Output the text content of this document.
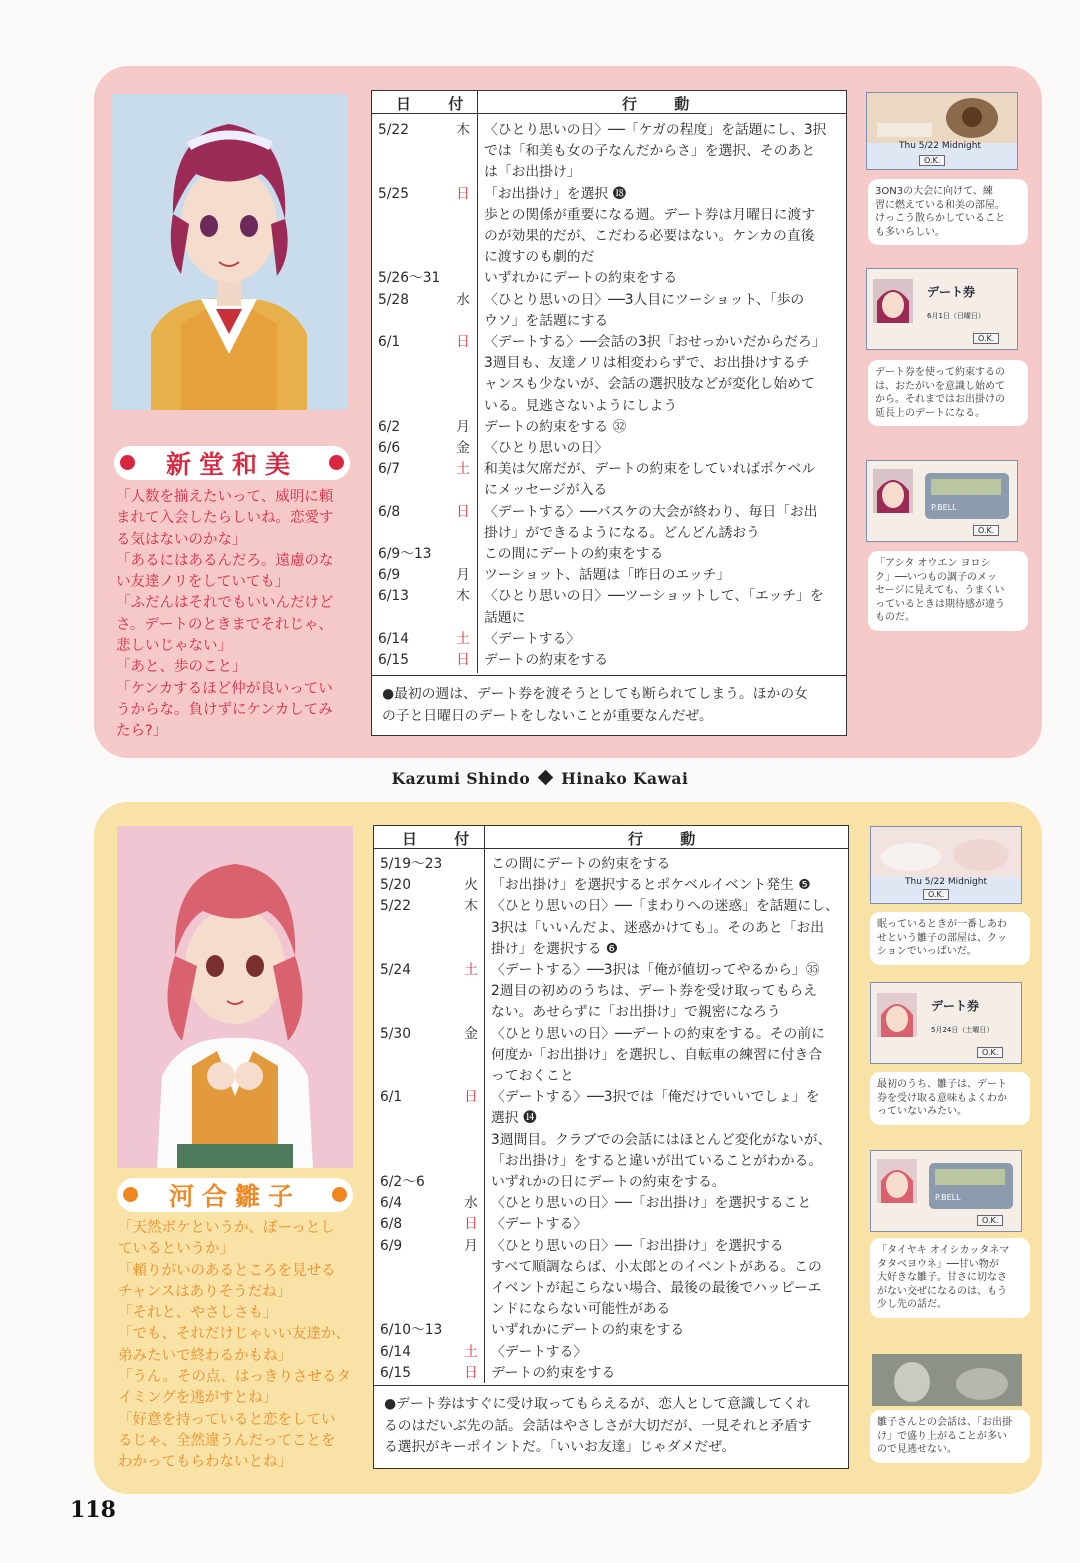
新堂和美
「人数を揃えたいって、威明に頼
まれて入会したらしいね。恋愛す
る気はないのかな」
「あるにはあるんだろ。遠慮のな
い友達ノリをしていても」
「ふだんはそれでもいいんだけど
さ。デートのときまでそれじゃ、
悲しいじゃない」
「あと、歩のこと」
「ケンカするほど仲が良いってい
うからな。負けずにケンカしてみ
たら?」
日 付	行 動
5/22	木 〈ひとり思いの日〉──「ケガの程度」を話題にし、3択
では「和美も女の子なんだからさ」を選択、そのあと
は「お出掛け」
5/25	日 「お出掛け」を選択 ⓲
歩との関係が重要になる週。デート券は月曜日に渡す
のが効果的だが、こだわる必要はない。ケンカの直後
に渡すのも劇的だ
5/26〜31	いずれかにデートの約束をする
5/28	水 〈ひとり思いの日〉──3人目にツーショット、「歩の
ウソ」を話題にする
6/1	日 〈デートする〉──会話の3択「おせっかいだからだろ」
3週目も、友達ノリは相変わらずで、お出掛けするチ
ャンスも少ないが、会話の選択肢などが変化し始めて
いる。見逃さないようにしよう
6/2	月 デートの約束をする ㉜
6/6	金 〈ひとり思いの日〉
6/7	土 和美は欠席だが、デートの約束をしていればポケベル
にメッセージが入る
6/8	日 〈デートする〉──バスケの大会が終わり、毎日「お出
掛け」ができるようになる。どんどん誘おう
6/9〜13	この間にデートの約束をする
6/9	月 ツーショット、話題は「昨日のエッチ」
6/13	木 〈ひとり思いの日〉──ツーショットして、「エッチ」を
話題に
6/14	土 〈デートする〉
6/15	日 デートの約束をする
●最初の週は、デート券を渡そうとしても断られてしまう。ほかの女
の子と日曜日のデートをしないことが重要なんだぜ。
Thu 5/22 Midnight
O.K.
3ON3の大会に向けて、練
習に燃えている和美の部屋。
けっこう散らかしていること
も多いらしい。
デート券
6月1日（日曜日）
O.K.
デート券を使って約束するの
は、おたがいを意識し始めて
から。それまではお出掛けの
延長上のデートになる。
P.BELL
O.K.
「アシタ オウエン ヨロシ
ク」──いつもの調子のメッ
セージに見えても、うまくい
っているときは期待感が違う
ものだ。
Kazumi Shindo Hinako Kawai
河合雛子
「天然ボケというか、ぽーっとし
ているというか」
「頼りがいのあるところを見せる
チャンスはありそうだね」
「それと、やさしさも」
「でも、それだけじゃいい友達か、
弟みたいで終わるかもね」
「うん。その点、はっきりさせるタ
イミングを逃がすとね」
「好意を持っていると恋をしてい
るじゃ、全然違うんだってことを
わかってもらわないとね」
日 付	行 動
5/19〜23	この間にデートの約束をする
5/20	火 「お出掛け」を選択するとポケベルイベント発生 ❺
5/22	木 〈ひとり思いの日〉──「まわりへの迷惑」を話題にし、
3択は「いいんだよ、迷惑かけても」。そのあと「お出
掛け」を選択する ❻
5/24	土 〈デートする〉──3択は「俺が値切ってやるから」㉟
2週目の初めのうちは、デート券を受け取ってもらえ
ない。あせらずに「お出掛け」で親密になろう
5/30	金 〈ひとり思いの日〉──デートの約束をする。その前に
何度か「お出掛け」を選択し、自転車の練習に付き合
っておくこと
6/1	日 〈デートする〉──3択では「俺だけでいいでしょ」を
選択 ⓮
3週間目。クラブでの会話にはほとんど変化がないが、
「お出掛け」をすると違いが出ていることがわかる。
6/2〜6	いずれかの日にデートの約束をする。
6/4	水 〈ひとり思いの日〉──「お出掛け」を選択すること
6/8	日 〈デートする〉
6/9	月 〈ひとり思いの日〉──「お出掛け」を選択する
すべて順調ならば、小太郎とのイベントがある。この
イベントが起こらない場合、最後の最後でハッピーエ
ンドにならない可能性がある
6/10〜13	いずれかにデートの約束をする
6/14	土 〈デートする〉
6/15	日 デートの約束をする
●デート券はすぐに受け取ってもらえるが、恋人として意識してくれ
るのはだいぶ先の話。会話はやさしさが大切だが、一見それと矛盾す
る選択がキーポイントだ。「いいお友達」じゃダメだぜ。
Thu 5/22 Midnight
O.K.
眠っているときが一番しあわ
せという雛子の部屋は、クッ
ションでいっぱいだ。
デート券
5月24日（土曜日）
O.K.
最初のうち、雛子は、デート
券を受け取る意味もよくわか
っていないみたい。
P.BELL
O.K.
「タイヤキ オイシカッタネマ
タタベヨウネ」──甘い物が
大好きな雛子。甘さに切なさ
がない交ぜになるのは、もう
少し先の話だ。
雛子さんとの会話は、「お出掛
け」で盛り上がることが多い
ので見逃せない。
118
